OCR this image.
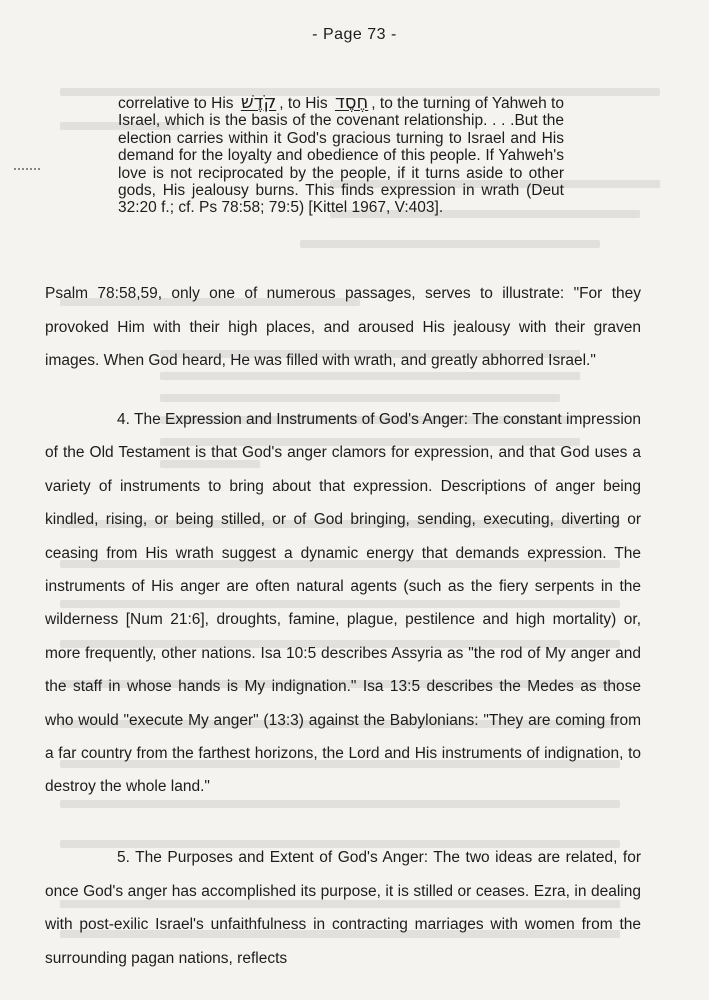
- Page 73 -

correlative to His קֹדֶשׁ , to His חֶסֶד , to the turning of Yahweh to Israel, which is the basis of the covenant relationship. . . .But the election carries within it God's gracious turning to Israel and His demand for the loyalty and obedience of this people. If Yahweh's love is not reciprocated by the people, if it turns aside to other gods, His jealousy burns. This finds expression in wrath (Deut 32:20 f.; cf. Ps 78:58; 79:5) [Kittel 1967, V:403].

Psalm 78:58,59, only one of numerous passages, serves to illustrate: "For they provoked Him with their high places, and aroused His jealousy with their graven images. When God heard, He was filled with wrath, and greatly abhorred Israel."

4. The Expression and Instruments of God's Anger: The constant impression of the Old Testament is that God's anger clamors for expression, and that God uses a variety of instruments to bring about that expression. Descriptions of anger being kindled, rising, or being stilled, or of God bringing, sending, executing, diverting or ceasing from His wrath suggest a dynamic energy that demands expression. The instruments of His anger are often natural agents (such as the fiery serpents in the wilderness [Num 21:6], droughts, famine, plague, pestilence and high mortality) or, more frequently, other nations. Isa 10:5 describes Assyria as "the rod of My anger and the staff in whose hands is My indignation." Isa 13:5 describes the Medes as those who would "execute My anger" (13:3) against the Babylonians: "They are coming from a far country from the farthest horizons, the Lord and His instruments of indignation, to destroy the whole land."

5. The Purposes and Extent of God's Anger: The two ideas are related, for once God's anger has accomplished its purpose, it is stilled or ceases. Ezra, in dealing with post-exilic Israel's unfaithfulness in contracting marriages with women from the surrounding pagan nations, reflects
